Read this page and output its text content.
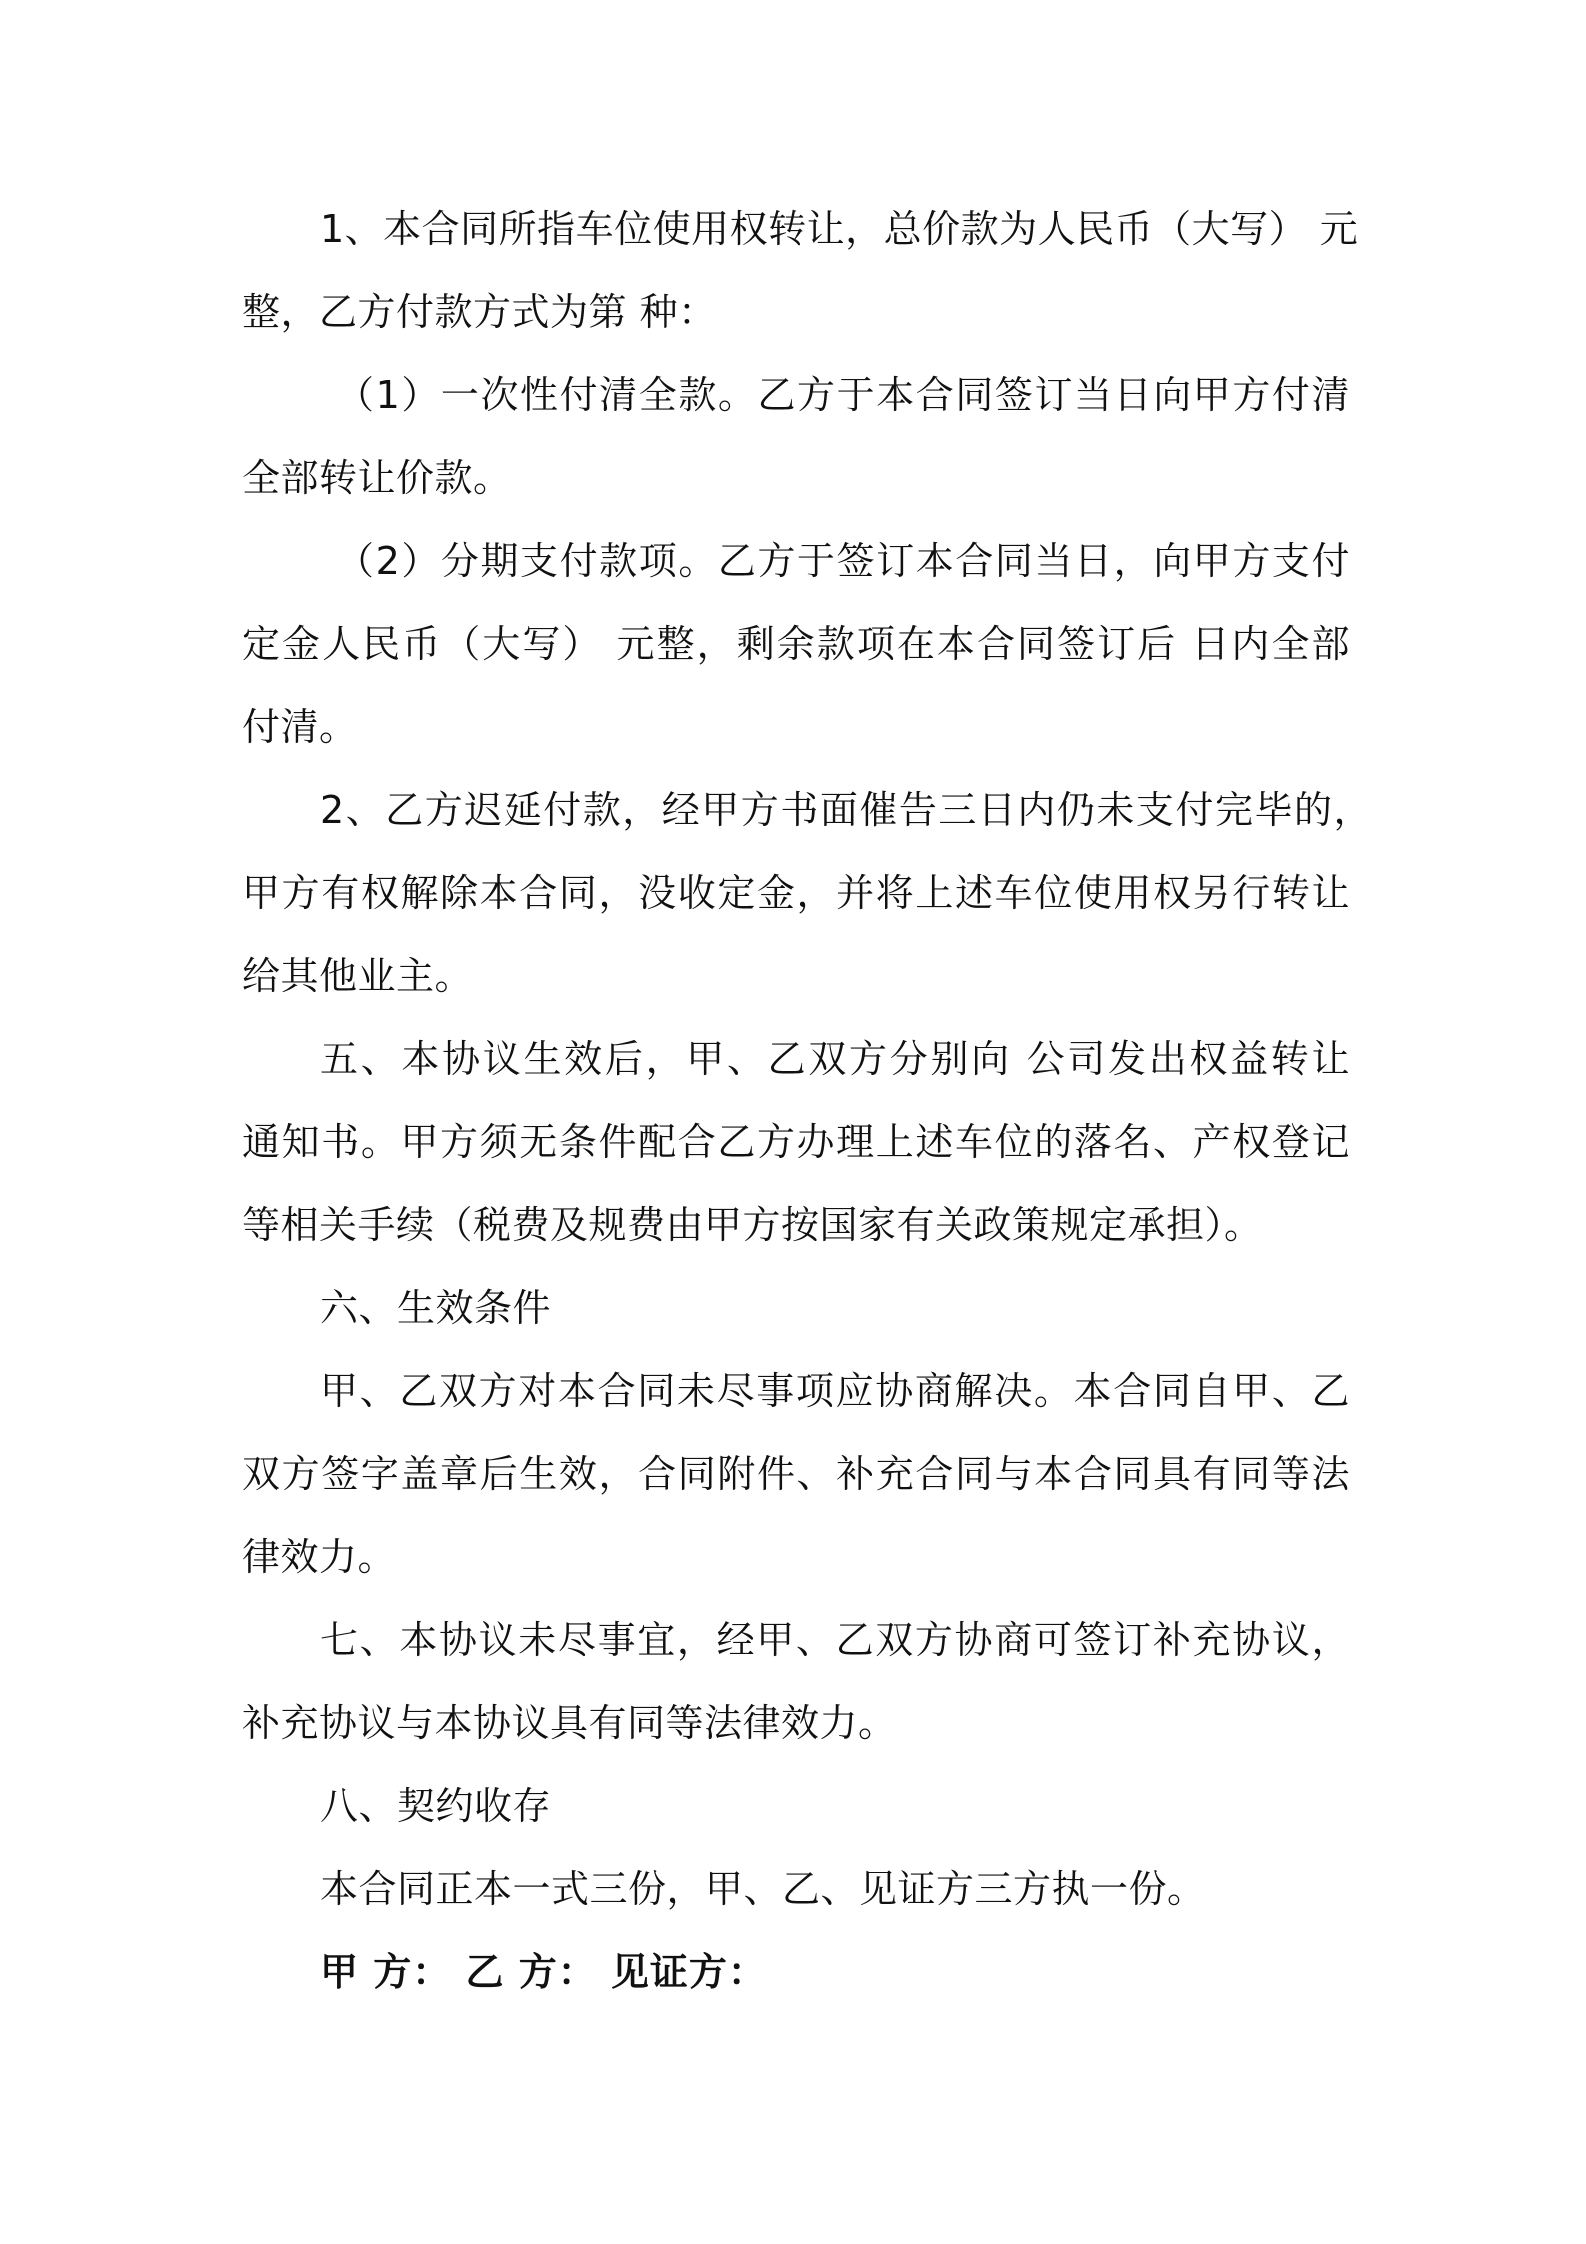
1、本合同所指车位使用权转让，总价款为人民币（大写） 元
整，乙方付款方式为第 种：
（1）一次性付清全款。乙方于本合同签订当日向甲方付清
全部转让价款。
（2）分期支付款项。乙方于签订本合同当日，向甲方支付
定金人民币（大写） 元整，剩余款项在本合同签订后 日内全部
付清。
2、乙方迟延付款，经甲方书面催告三日内仍未支付完毕的，
甲方有权解除本合同，没收定金，并将上述车位使用权另行转让
给其他业主。
五、本协议生效后，甲、乙双方分别向 公司发出权益转让
通知书。甲方须无条件配合乙方办理上述车位的落名、产权登记
等相关手续（税费及规费由甲方按国家有关政策规定承担）。
六、生效条件
甲、乙双方对本合同未尽事项应协商解决。本合同自甲、乙
双方签字盖章后生效，合同附件、补充合同与本合同具有同等法
律效力。
七、本协议未尽事宜，经甲、乙双方协商可签订补充协议，
补充协议与本协议具有同等法律效力。
八、契约收存
本合同正本一式三份，甲、乙、见证方三方执一份。
甲 方： 乙 方： 见证方：
